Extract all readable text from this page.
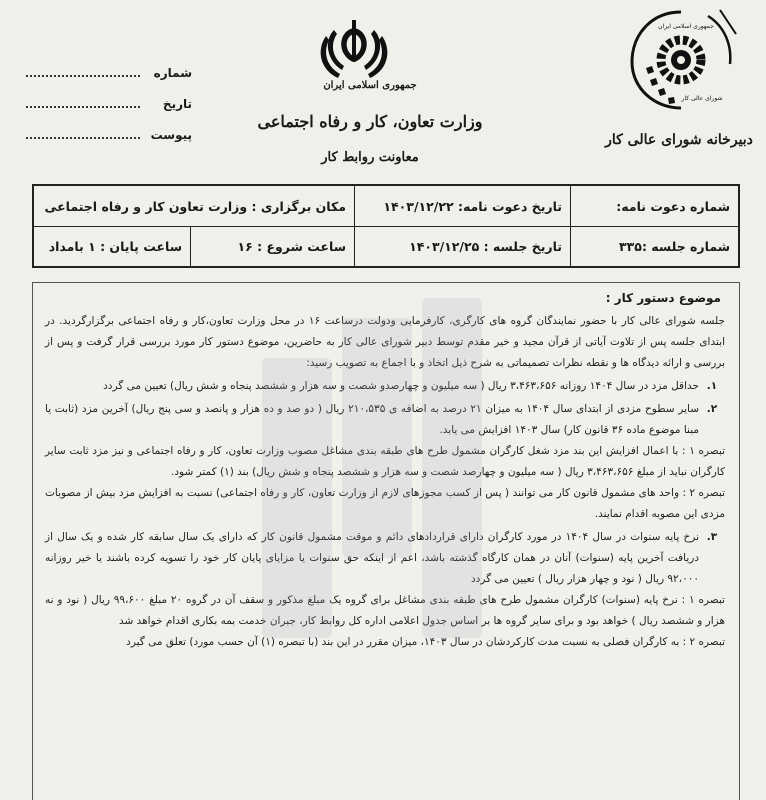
شماره
تاریخ
پیوست
جمهوری اسلامی ایران
وزارت تعاون، کار و رفاه اجتماعی
معاونت روابط کار
جمهوری اسلامی ایران
شورای عالی کار
دبیرخانه شورای عالی کار
شماره دعوت نامه:
تاریخ دعوت نامه: ۱۴۰۳/۱۲/۲۲
مکان برگزاری : وزارت تعاون کار و رفاه اجتماعی
شماره جلسه :۳۳۵
تاریخ جلسه : ۱۴۰۳/۱۲/۲۵
ساعت شروع : ۱۶
ساعت پایان : ۱ بامداد
موضوع دستور کار :

جلسه شورای عالی کار با حضور نمایندگان گروه های کارگری، کارفرمایی ودولت درساعت ۱۶ در محل وزارت تعاون،کار و رفاه اجتماعی برگزارگردید. در ابتدای جلسه پس از تلاوت آیاتی از قرآن مجید و خیر مقدم توسط دبیر شورای عالی کار به حاضرین، موضوع دستور کار مورد بررسی قرار گرفت و پس از بررسی و ارائه دیدگاه ها و نقطه نظرات تصمیماتی به شرح ذیل اتخاذ و با اجماع به تصویب رسید:

۱.
حداقل مزد در سال ۱۴۰۴ روزانه ۳،۴۶۳،۶۵۶ ریال ( سه میلیون و چهارصدو شصت و سه هزار و ششصد پنجاه و شش ریال) تعیین می گردد
۲.
سایر سطوح مزدی از ابتدای سال ۱۴۰۴ به میزان ۲۱ درصد به اضافه ی ۲۱۰،۵۳۵ ریال ( دو صد و ده هزار و پانصد و سی پنج ریال) آخرین مزد (ثابت یا مبنا موضوع ماده ۳۶ قانون کار) سال ۱۴۰۳ افزایش می یابد.

تبصره ۱ : با اعمال افزایش این بند مزد شغل کارگران مشمول طرح های طبقه بندی مشاغل مصوب وزارت تعاون، کار و رفاه اجتماعی و نیز مزد ثابت سایر کارگران نباید از مبلغ ۳،۴۶۳،۶۵۶ ریال ( سه میلیون و چهارصد شصت و سه هزار و ششصد پنجاه و شش ریال) بند (۱) کمتر شود.

تبصره ۲ : واحد های مشمول قانون کار می توانند ( پس از کسب مجوزهای لازم از وزارت تعاون، کار و رفاه اجتماعی) نسبت به افزایش مزد بیش از مصوبات مزدی این مصوبه اقدام نمایند.

۳.
نرخ پایه سنوات در سال ۱۴۰۴ در مورد کارگران دارای قراردادهای دائم و موقت مشمول قانون کار که دارای یک سال سابقه کار شده و یک سال از دریافت آخرین پایه (سنوات) آنان در همان کارگاه گذشته باشد، اعم از اینکه حق سنوات یا مزایای پایان کار خود را تسویه کرده باشند یا خیر روزانه ۹۲،۰۰۰ ریال ( نود و چهار هزار ریال ) تعیین می گردد

تبصره ۱ : نرخ پایه (سنوات) کارگران مشمول طرح های طبقه بندی مشاغل برای گروه یک مبلغ مذکور و سقف آن در گروه ۲۰ مبلغ ۹۹،۶۰۰ ریال ( نود و نه هزار و ششصد ریال ) خواهد بود و برای سایر گروه ها بر اساس جدول اعلامی اداره کل روابط کار، جبران خدمت بمه بکاری اقدام خواهد شد

تبصره ۲ : به کارگران فصلی به نسبت مدت کارکردشان در سال ۱۴۰۳، میزان مقرر در این بند (با تبصره (۱) آن حسب مورد) تعلق می گیرد
